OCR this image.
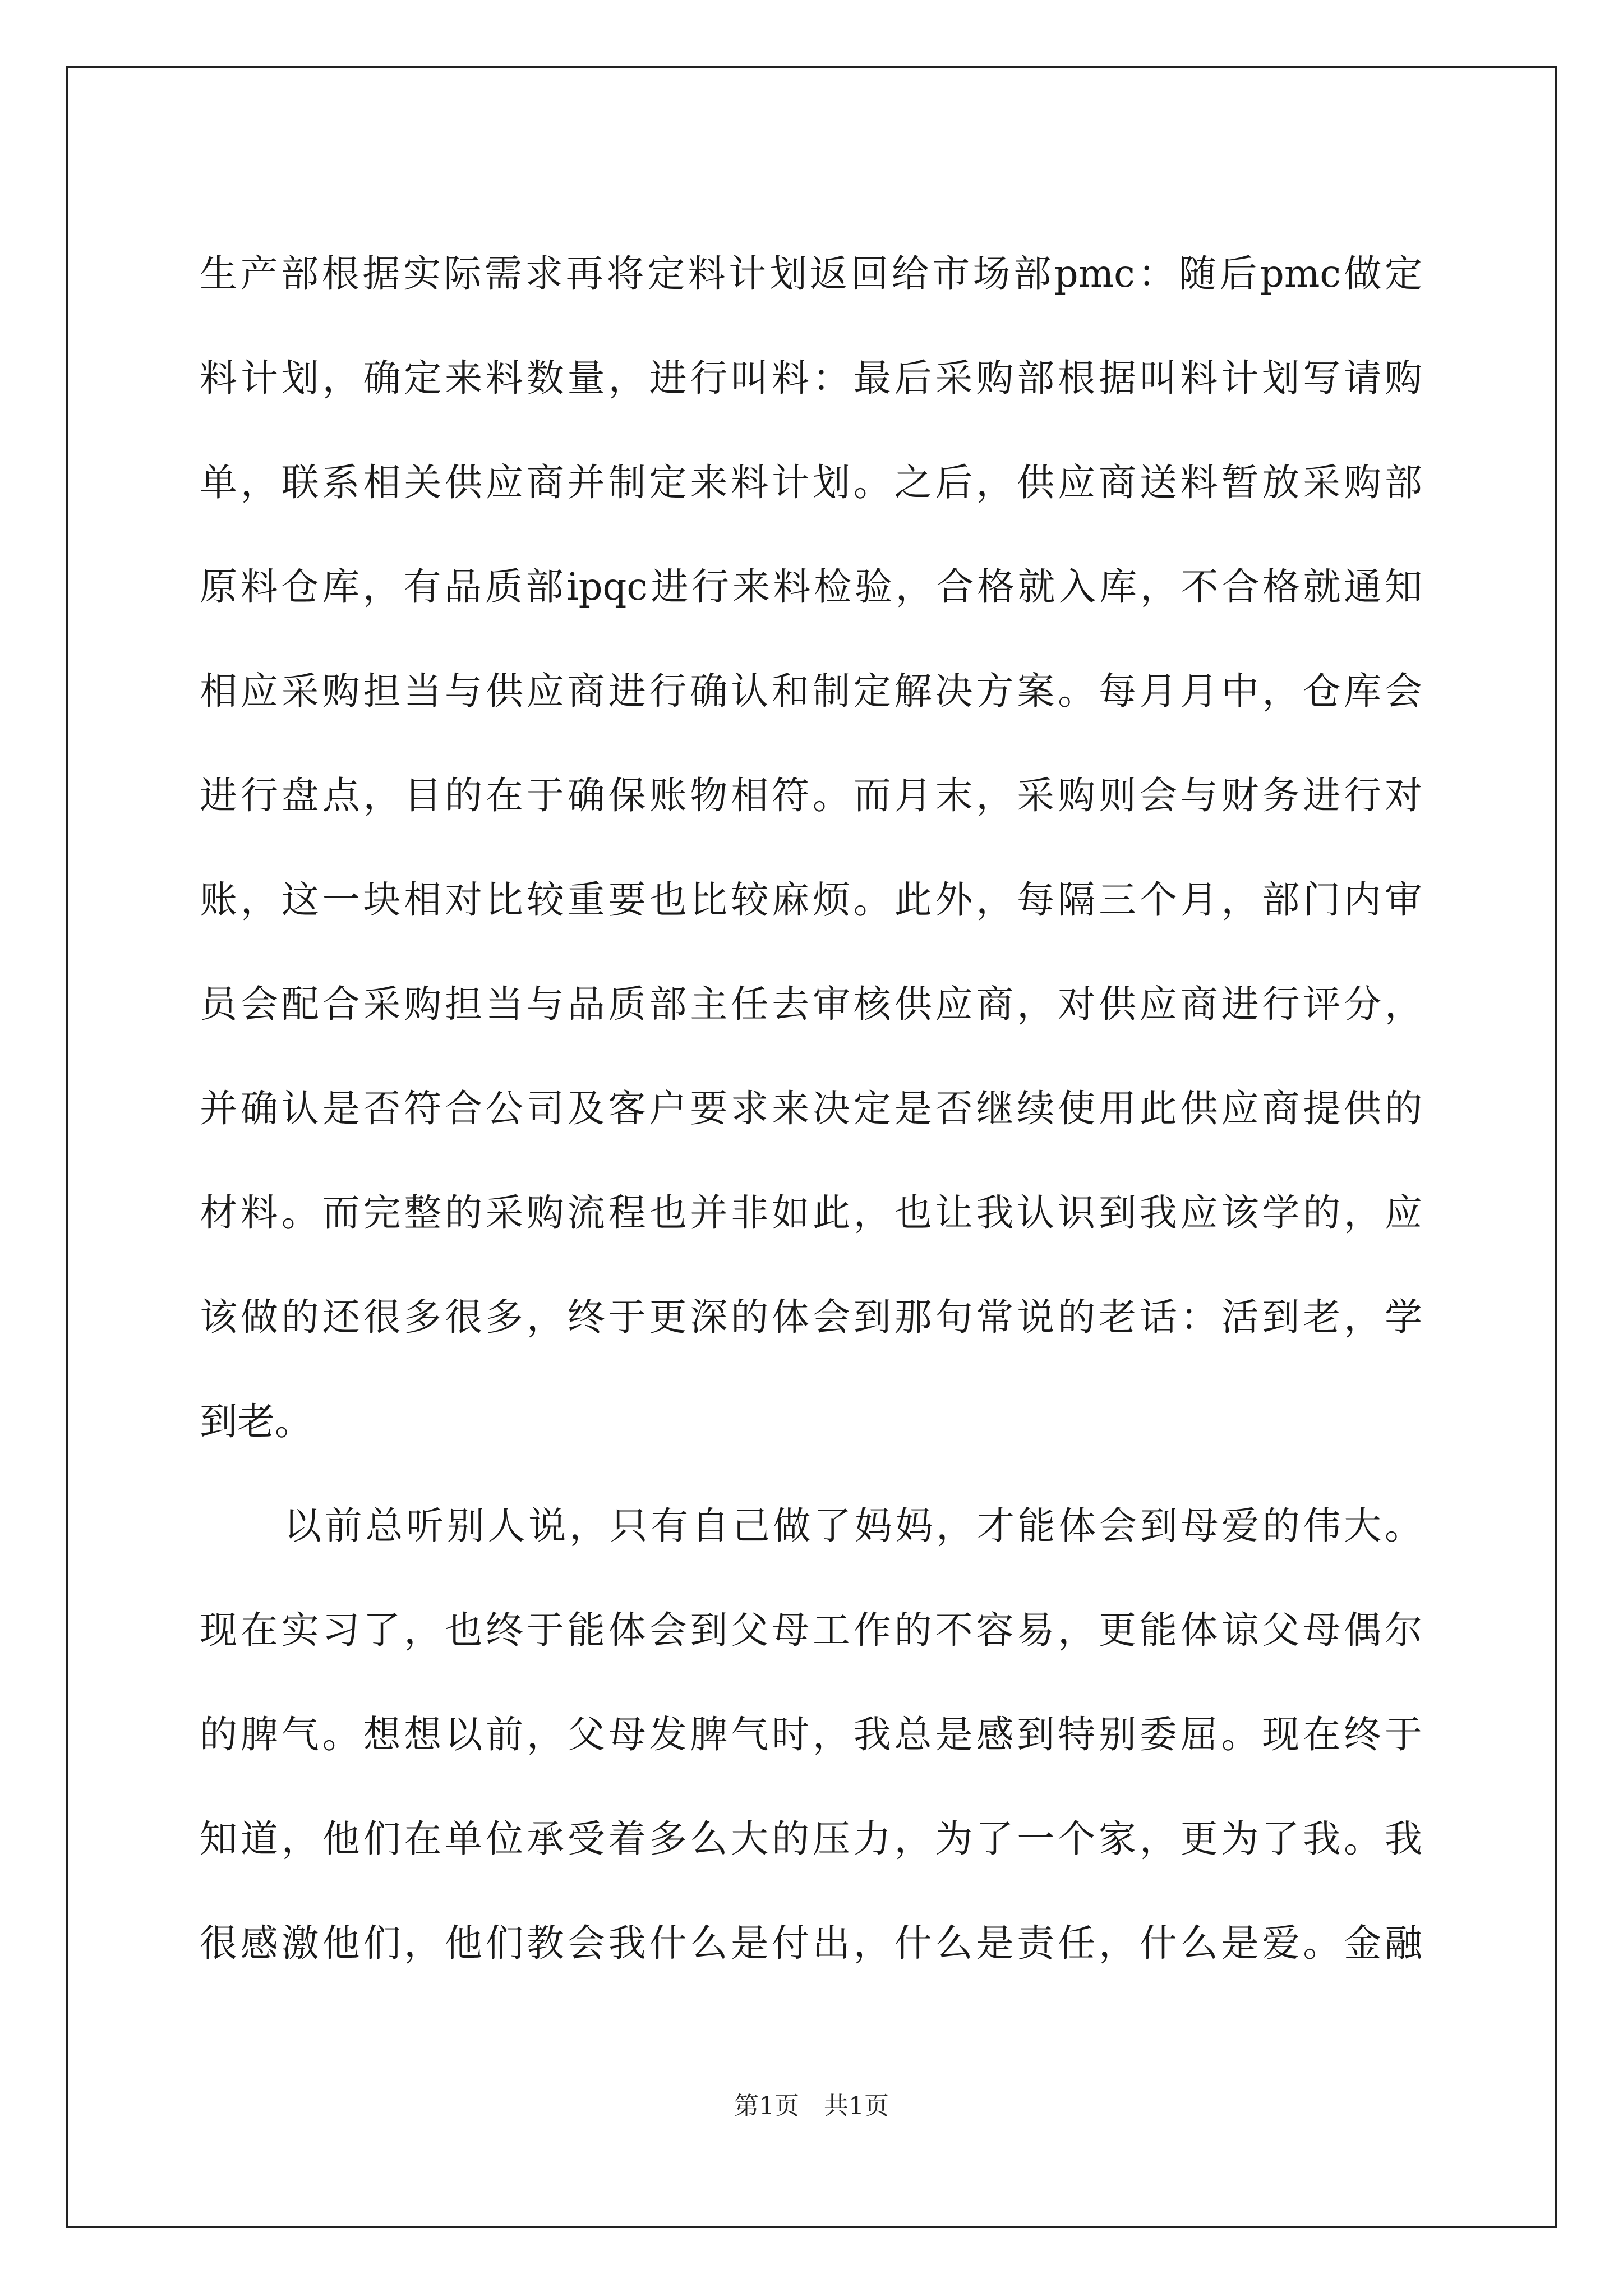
生产部根据实际需求再将定料计划返回给市场部pmc：随后pmc做定
料计划，确定来料数量，进行叫料：最后采购部根据叫料计划写请购
单，联系相关供应商并制定来料计划。之后，供应商送料暂放采购部
原料仓库，有品质部ipqc进行来料检验，合格就入库，不合格就通知
相应采购担当与供应商进行确认和制定解决方案。每月月中，仓库会
进行盘点，目的在于确保账物相符。而月末，采购则会与财务进行对
账，这一块相对比较重要也比较麻烦。此外，每隔三个月，部门内审
员会配合采购担当与品质部主任去审核供应商，对供应商进行评分，
并确认是否符合公司及客户要求来决定是否继续使用此供应商提供的
材料。而完整的采购流程也并非如此，也让我认识到我应该学的，应
该做的还很多很多，终于更深的体会到那句常说的老话：活到老，学
到老。
以前总听别人说，只有自己做了妈妈，才能体会到母爱的伟大。
现在实习了，也终于能体会到父母工作的不容易，更能体谅父母偶尔
的脾气。想想以前，父母发脾气时，我总是感到特别委屈。现在终于
知道，他们在单位承受着多么大的压力，为了一个家，更为了我。我
很感激他们，他们教会我什么是付出，什么是责任，什么是爱。金融
第1页　共1页
